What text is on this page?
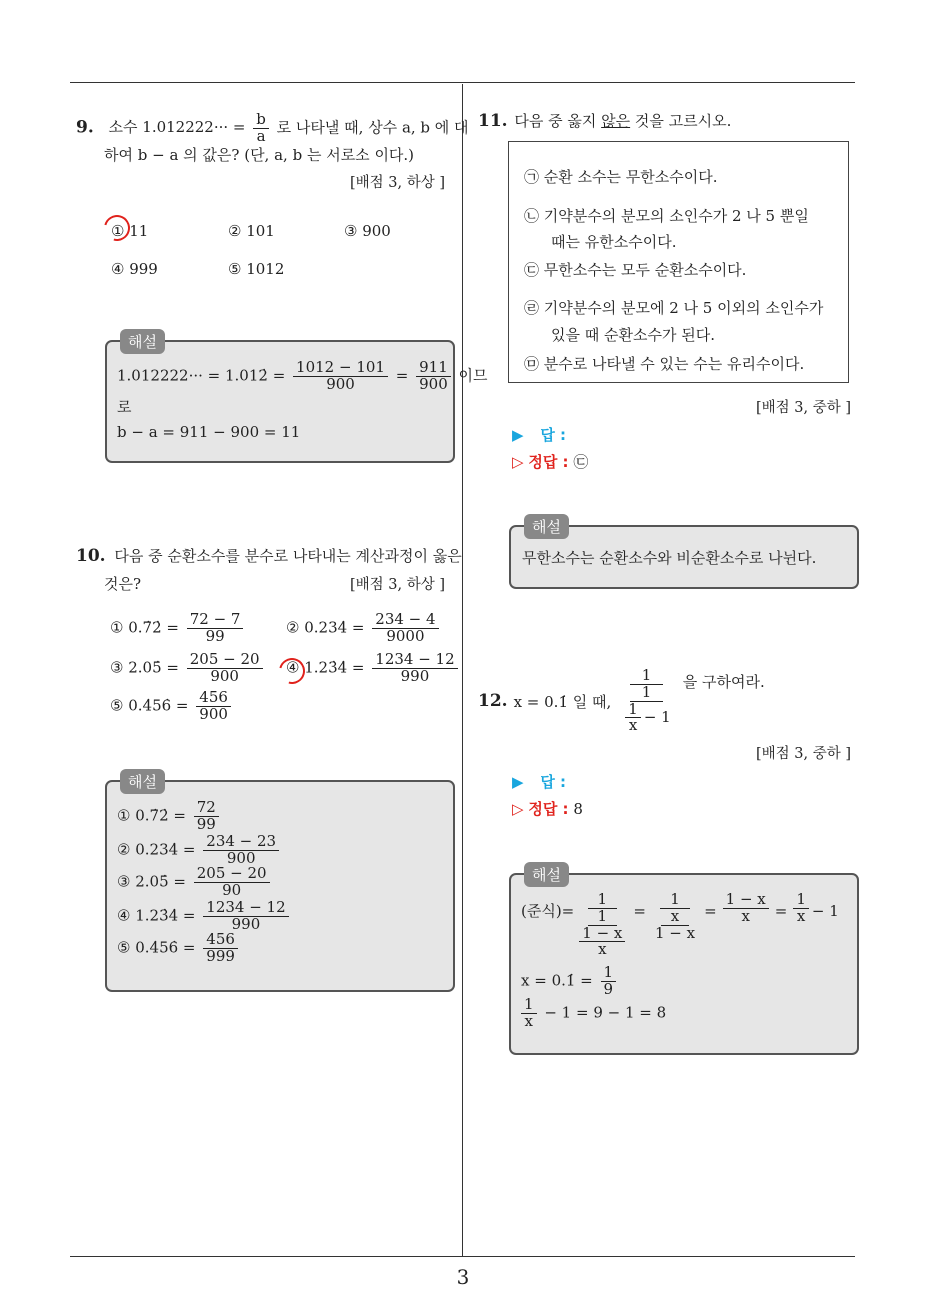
9. 소수 $1.012222\cdot\cdot\cdot = \frac{b}{a}$ 로 나타낼 때, 상수 a, b 에 대
하여 b − a 의 값은? (단, a, b 는 서로소 이다.)
[배점 3, 하상 ]
① 11	② 101	③ 900
④ 999	⑤ 1012
해설
1.012222··· = 1.012̇ = $\frac{1012 - 101}{900} = \frac{911}{900}$ 이므
로
b − a = 911 − 900 = 11
10. 다음 중 순환소수를 분수로 나타내는 계산과정이 옳은
것은?	[배점 3, 하상 ]
① 0.7̇2̇ = $\frac{72 - 7}{99}$	② 0.234̇ = $\frac{234 - 4}{9000}$
③ 2.05̇ = $\frac{205 - 20}{900}$ ④ 1.23̇4̇ = $\frac{1234 - 12}{990}$
⑤ 0.4̇56̇ = $\frac{456}{900}$
해설
① 0.7̇2̇ = $\frac{72}{99}$
② 0.234̇ = $\frac{234 - 23}{900}$
③ 2.05̇ = $\frac{205 - 20}{90}$
④ 1.23̇4̇ = $\frac{1234 - 12}{990}$
⑤ 0.4̇56̇ = $\frac{456}{999}$
11. 다음 중 옳지 않은 것을 고르시오.
㉠ 순환 소수는 무한소수이다.
㉡ 기약분수의 분모의 소인수가 2 나 5 뿐일
때는 유한소수이다.
㉢ 무한소수는 모두 순환소수이다.
㉣ 기약분수의 분모에 2 나 5 이외의 소인수가
있을 때 순환소수가 된다.
㉤ 분수로 나타낼 수 있는 수는 유리수이다.
[배점 3, 중하 ]
▶ 답 :
▷ 정답 : ㉢
해설
무한소수는 순환소수와 비순환소수로 나뉜다.
12. x = 0.1̇ 일 때, 1
1
$\frac{1}{x} - 1$ 을 구하여라.
[배점 3, 중하 ]
▶ 답 :
▷ 정답 : 8
해설
(준식)= 1
1
$\frac{1 - x}{x} = 1$
x
$1 - x = \frac{1 - x}{x} = \frac{1}{x} - 1$
x = 0.1̇ = $\frac{1}{9}$
$\frac{1}{x} - 1 = 9 - 1 = 8$
3
